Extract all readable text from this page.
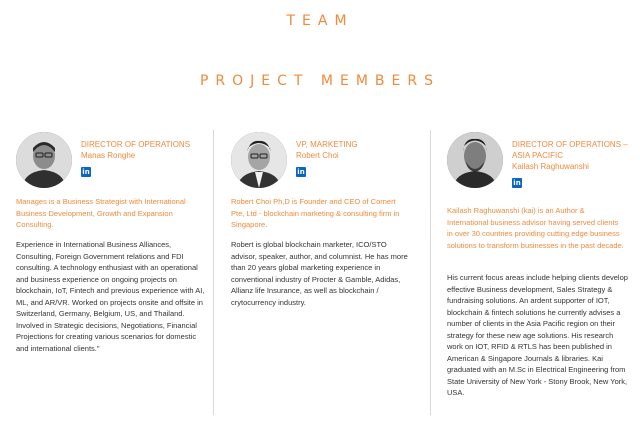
TEAM
PROJECT MEMBERS
DIRECTOR OF OPERATIONS
Manas Ronghe
in
Manages is a Business Strategist with International Business Development, Growth and Expansion Consulting.
Experience in International Business Alliances, Consulting, Foreign Government relations and FDI consulting. A technology enthusiast with an operational and business experience on ongoing projects on blockchain, IoT, Fintech and previous experience with AI, ML, and AR/VR. Worked on projects onsite and offsite in Switzerland, Germany, Belgium, US, and Thailand. Involved in Strategic decisions, Negotiations, Financial Projections for creating various scenarios for domestic and international clients."
VP, MARKETING
Robert Choi
in
Robert Choi Ph,D is Founder and CEO of Cornert Pte, Ltd - blockchain marketing & consulting firm in Singapore.
Robert is global blockchain marketer, ICO/STO advisor, speaker, author, and columnist. He has more than 20 years global marketing experience in conventional industry of Procter & Gamble, Adidas, Allianz life Insurance, as well as blockchain / crytocurrency industry.
DIRECTOR OF OPERATIONS – ASIA PACIFIC
Kailash Raghuwanshi
in
Kailash Raghuwanshi (kai) is an Author & International business advisor having served clients in over 30 countries providing cutting edge business solutions to transform businesses in the past decade.
His current focus areas include helping clients develop effective Business development, Sales Strategy & fundraising solutions. An ardent supporter of IOT, blockchain & fintech solutions he currently advises a number of clients in the Asia Pacific region on their strategy for these new age solutions. His research work on IOT, RFID & RTLS has been published in American & Singapore Journals & libraries. Kai graduated with an M.Sc in Electrical Engineering from State University of New York - Stony Brook, New York, USA.
